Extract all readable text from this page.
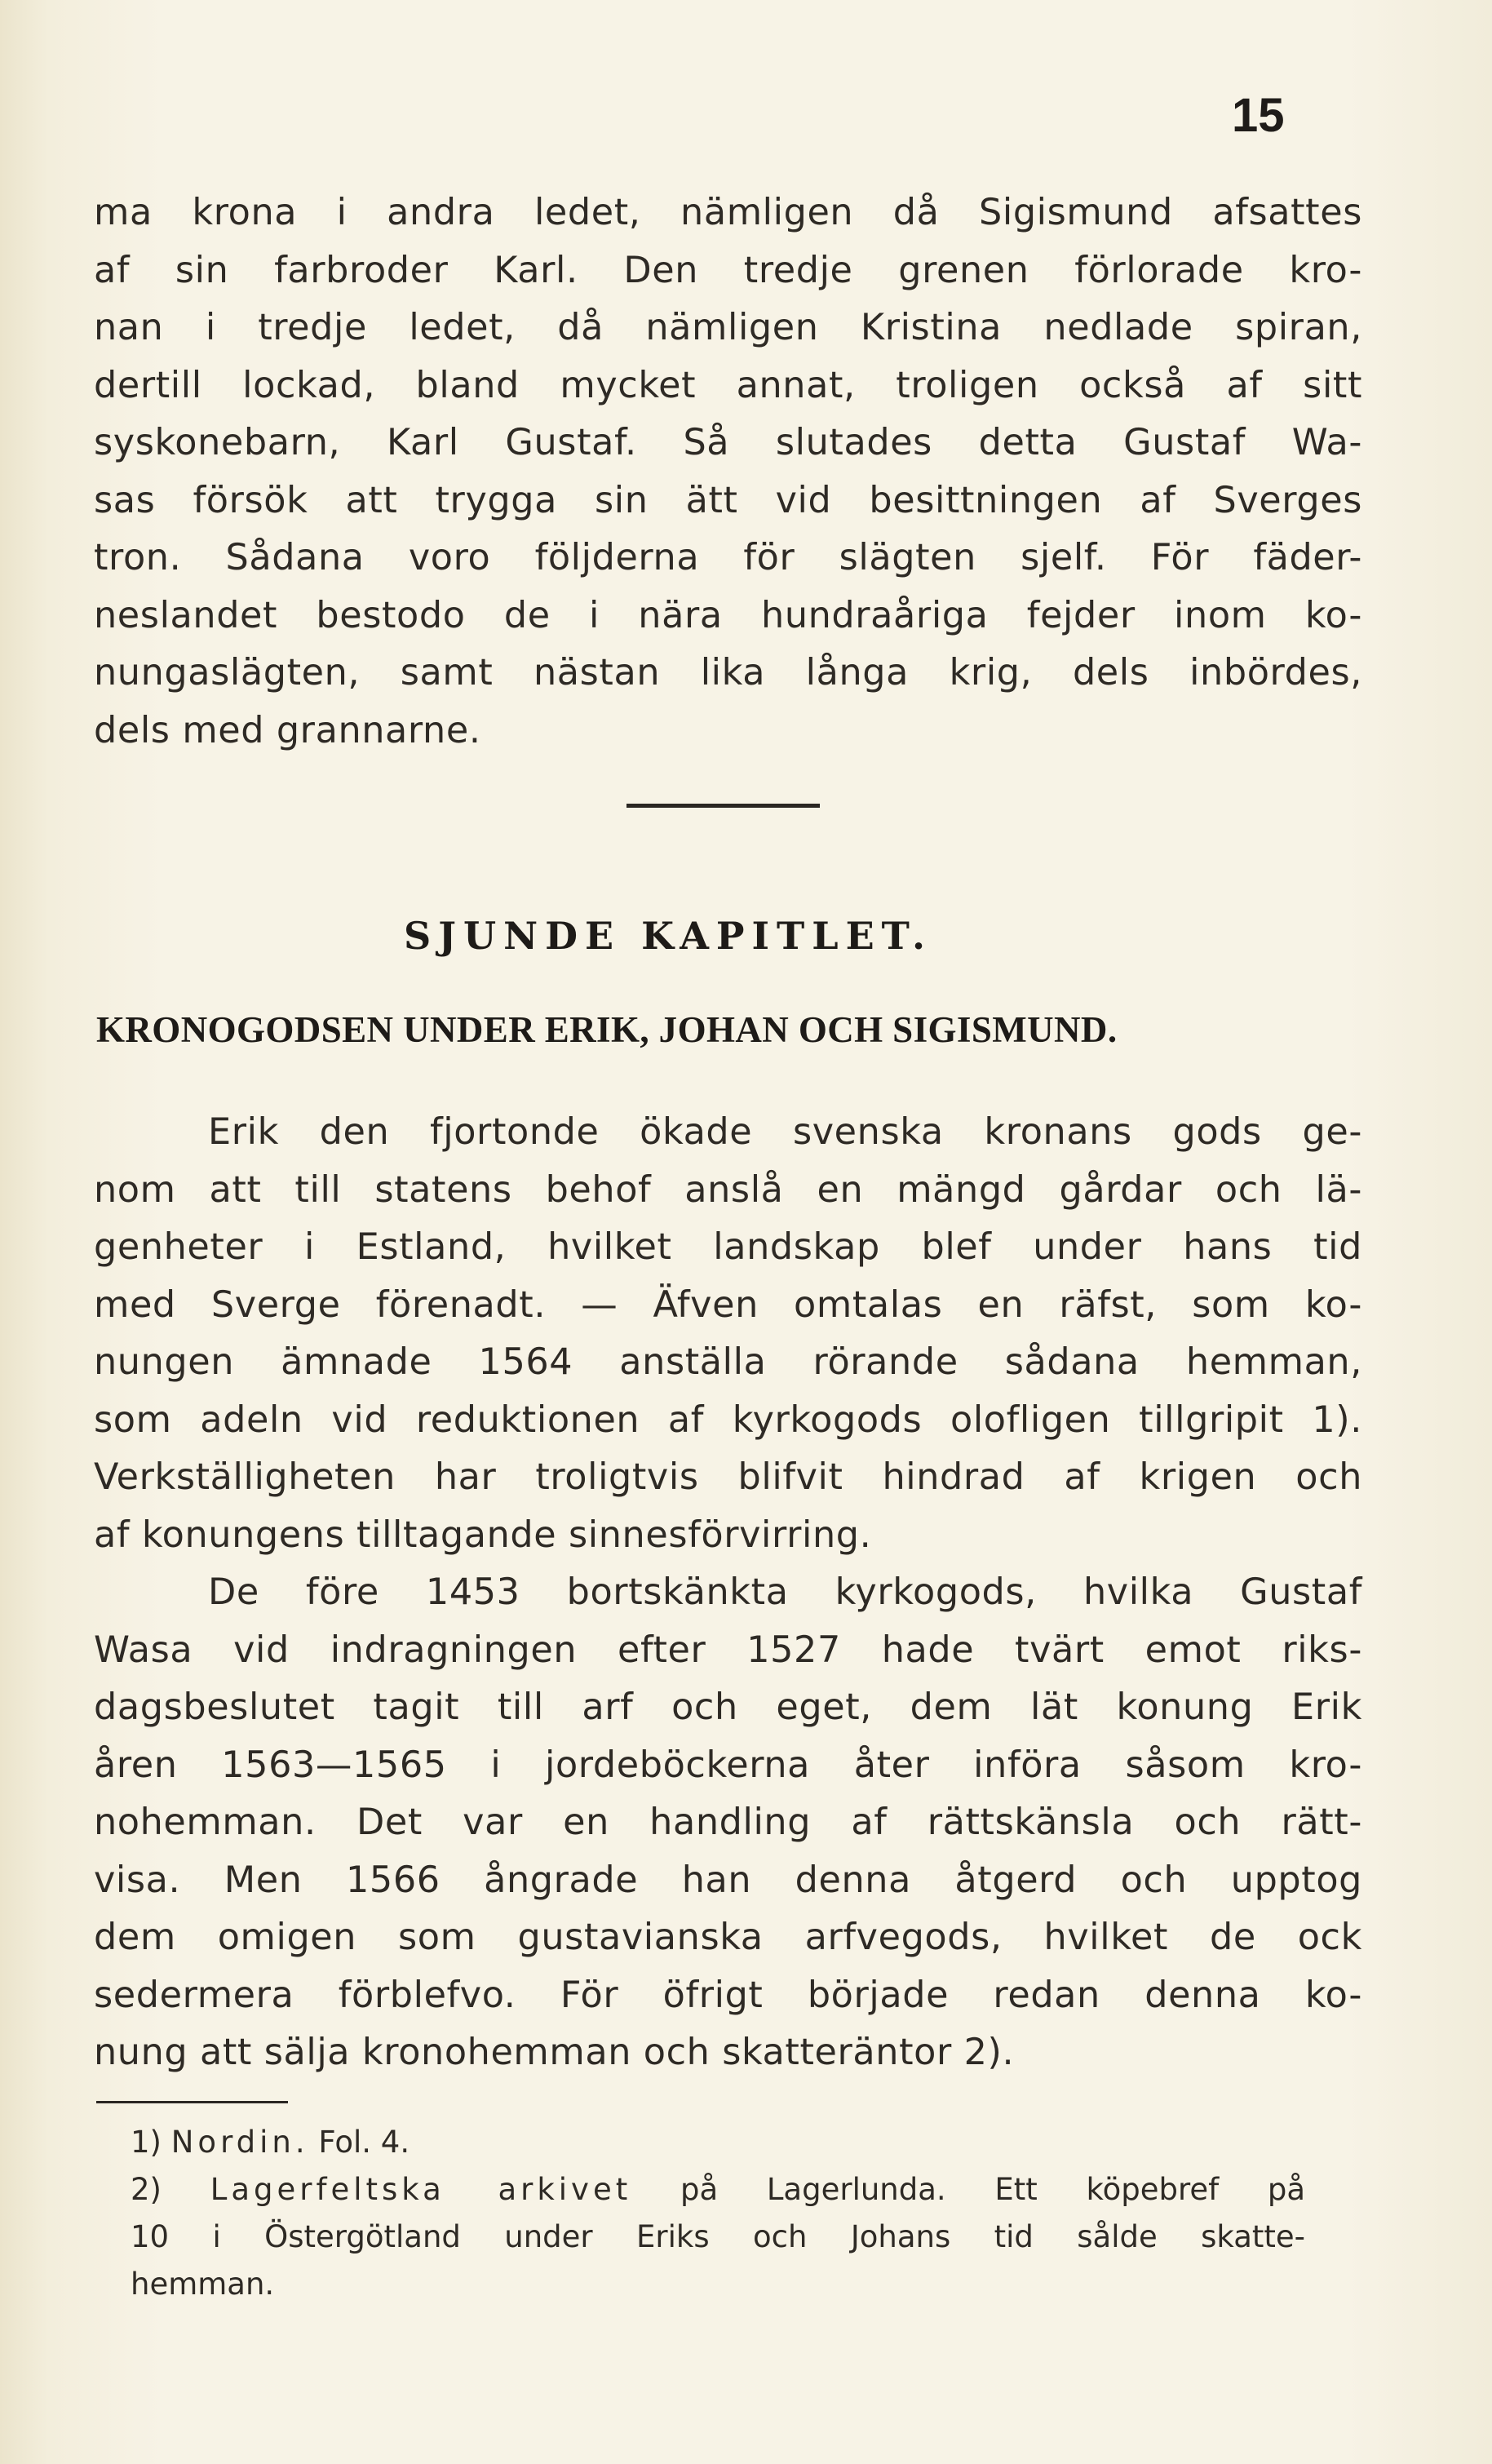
15
ma krona i andra ledet, nämligen då Sigismund afsattes
af sin farbroder Karl. Den tredje grenen förlorade kro-
nan i tredje ledet, då nämligen Kristina nedlade spiran,
dertill lockad, bland mycket annat, troligen också af sitt
syskonebarn, Karl Gustaf. Så slutades detta Gustaf Wa-
sas försök att trygga sin ätt vid besittningen af Sverges
tron. Sådana voro följderna för slägten sjelf. För fäder-
neslandet bestodo de i nära hundraåriga fejder inom ko-
nungaslägten, samt nästan lika långa krig, dels inbördes,
dels med grannarne.
SJUNDE KAPITLET.
KRONOGODSEN UNDER ERIK, JOHAN OCH SIGISMUND.
Erik den fjortonde ökade svenska kronans gods ge-
nom att till statens behof anslå en mängd gårdar och lä-
genheter i Estland, hvilket landskap blef under hans tid
med Sverge förenadt. — Äfven omtalas en räfst, som ko-
nungen ämnade 1564 anställa rörande sådana hemman,
som adeln vid reduktionen af kyrkogods olofligen tillgripit 1).
Verkställigheten har troligtvis blifvit hindrad af krigen och
af konungens tilltagande sinnesförvirring.
De före 1453 bortskänkta kyrkogods, hvilka Gustaf
Wasa vid indragningen efter 1527 hade tvärt emot riks-
dagsbeslutet tagit till arf och eget, dem lät konung Erik
åren 1563—1565 i jordeböckerna åter införa såsom kro-
nohemman. Det var en handling af rättskänsla och rätt-
visa. Men 1566 ångrade han denna åtgerd och upptog
dem omigen som gustavianska arfvegods, hvilket de ock
sedermera förblefvo. För öfrigt började redan denna ko-
nung att sälja kronohemman och skatteräntor 2).
1) Nordin. Fol. 4.
2) Lagerfeltska arkivet på Lagerlunda. Ett köpebref på
10 i Östergötland under Eriks och Johans tid sålde skatte-
hemman.
